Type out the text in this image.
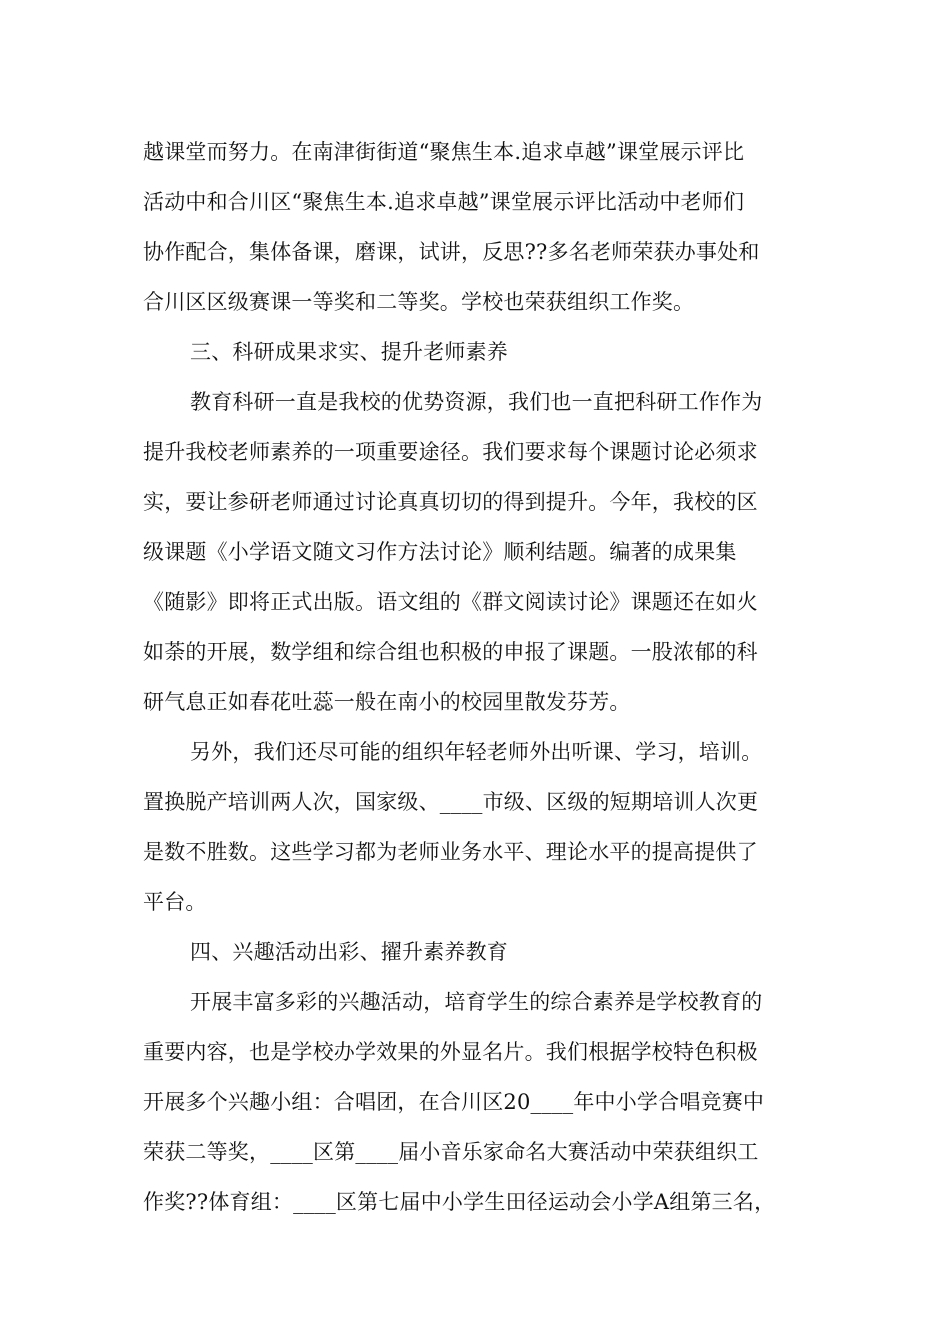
越课堂而努力。在南津街街道“聚焦生本.追求卓越”课堂展示评比
活动中和合川区“聚焦生本.追求卓越”课堂展示评比活动中老师们
协作配合，集体备课，磨课，试讲，反思??多名老师荣获办事处和
合川区区级赛课一等奖和二等奖。学校也荣获组织工作奖。
三、科研成果求实、提升老师素养
教育科研一直是我校的优势资源，我们也一直把科研工作作为
提升我校老师素养的一项重要途径。我们要求每个课题讨论必须求
实，要让参研老师通过讨论真真切切的得到提升。今年，我校的区
级课题《小学语文随文习作方法讨论》顺利结题。编著的成果集
《随影》即将正式出版。语文组的《群文阅读讨论》课题还在如火
如荼的开展，数学组和综合组也积极的申报了课题。一股浓郁的科
研气息正如春花吐蕊一般在南小的校园里散发芬芳。
另外，我们还尽可能的组织年轻老师外出听课、学习，培训。
置换脱产培训两人次，国家级、____市级、区级的短期培训人次更
是数不胜数。这些学习都为老师业务水平、理论水平的提高提供了
平台。
四、兴趣活动出彩、擢升素养教育
开展丰富多彩的兴趣活动，培育学生的综合素养是学校教育的
重要内容，也是学校办学效果的外显名片。我们根据学校特色积极
开展多个兴趣小组：合唱团，在合川区20____年中小学合唱竞赛中
荣获二等奖，____区第____届小音乐家命名大赛活动中荣获组织工
作奖??体育组：____区第七届中小学生田径运动会小学A组第三名，
